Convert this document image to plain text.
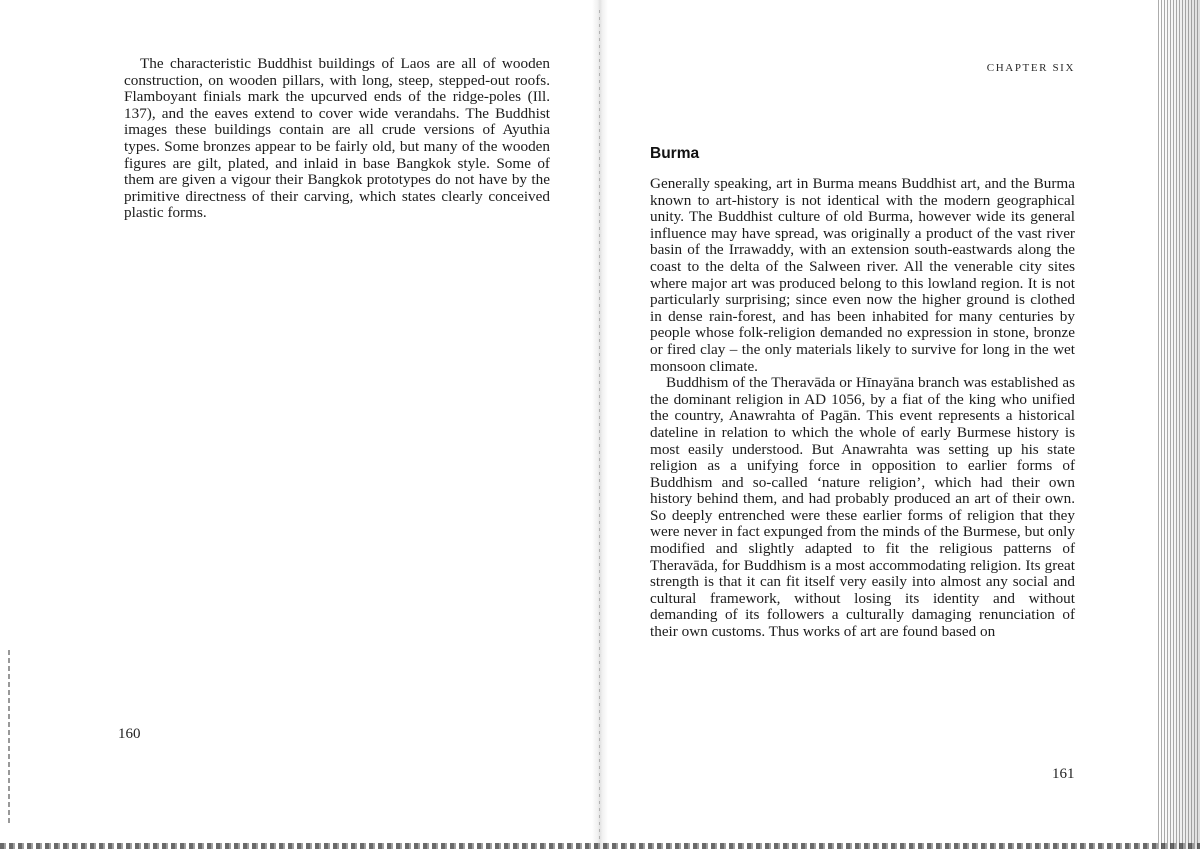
The characteristic Buddhist buildings of Laos are all of wooden construction, on wooden pillars, with long, steep, stepped-out roofs. Flamboyant finials mark the upcurved ends of the ridge-poles (Ill. 137), and the eaves extend to cover wide verandahs. The Buddhist images these buildings contain are all crude versions of Ayuthia types. Some bronzes appear to be fairly old, but many of the wooden figures are gilt, plated, and inlaid in base Bangkok style. Some of them are given a vigour their Bangkok prototypes do not have by the primitive directness of their carving, which states clearly conceived plastic forms.

160
CHAPTER SIX
Burma

Generally speaking, art in Burma means Buddhist art, and the Burma known to art-history is not identical with the modern geographical unity. The Buddhist culture of old Burma, however wide its general influence may have spread, was originally a product of the vast river basin of the Irrawaddy, with an extension south-eastwards along the coast to the delta of the Salween river. All the venerable city sites where major art was produced belong to this lowland region. It is not particularly surprising; since even now the higher ground is clothed in dense rain-forest, and has been inhabited for many centuries by people whose folk-religion demanded no expression in stone, bronze or fired clay – the only materials likely to survive for long in the wet monsoon climate.

Buddhism of the Theravāda or Hīnayāna branch was established as the dominant religion in AD 1056, by a fiat of the king who unified the country, Anawrahta of Pagān. This event represents a historical dateline in relation to which the whole of early Burmese history is most easily understood. But Anawrahta was setting up his state religion as a unifying force in opposition to earlier forms of Buddhism and so-called ‘nature religion’, which had their own history behind them, and had probably produced an art of their own. So deeply entrenched were these earlier forms of religion that they were never in fact expunged from the minds of the Burmese, but only modified and slightly adapted to fit the religious patterns of Theravāda, for Buddhism is a most accommodating religion. Its great strength is that it can fit itself very easily into almost any social and cultural framework, without losing its identity and without demanding of its followers a culturally damaging renunciation of their own customs. Thus works of art are found based on

161
